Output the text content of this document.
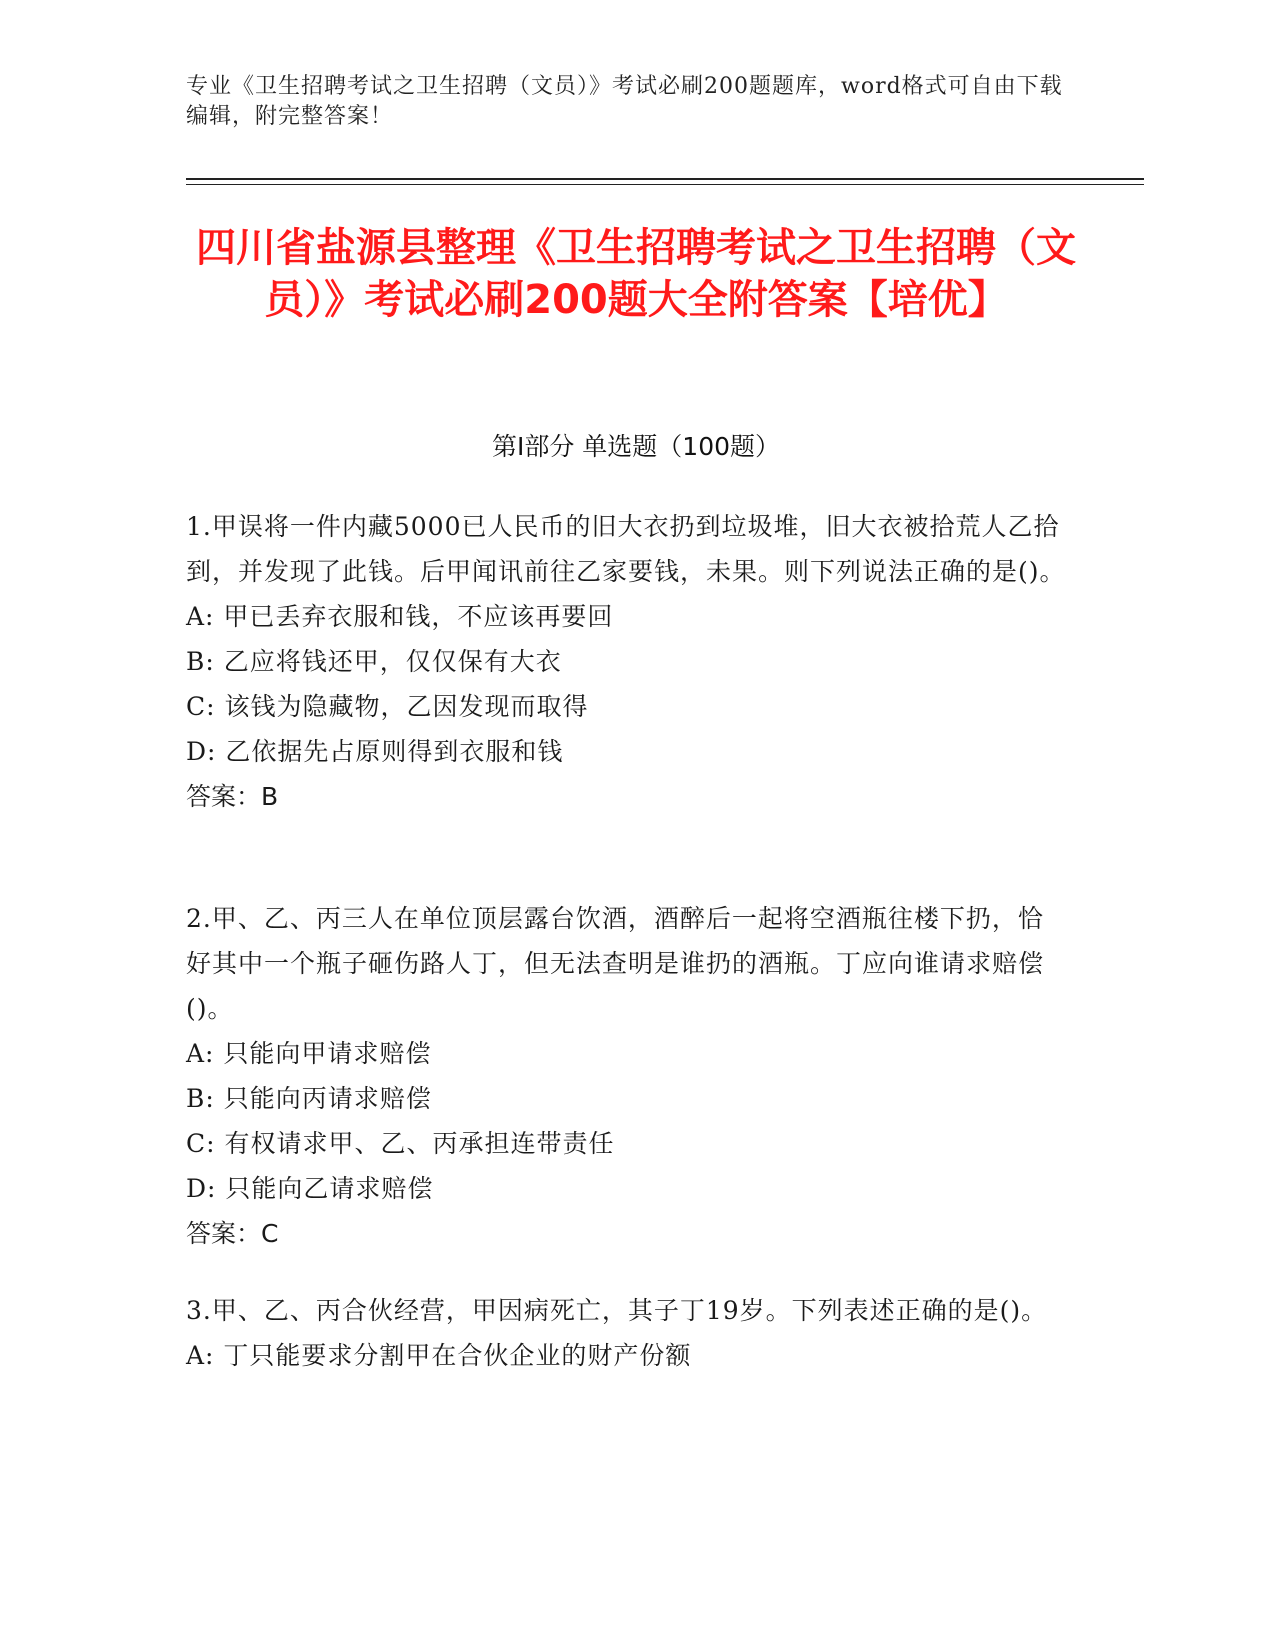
专业《卫生招聘考试之卫生招聘（文员）》考试必刷200题题库，word格式可自由下载编辑，附完整答案！
四川省盐源县整理《卫生招聘考试之卫生招聘（文员）》考试必刷200题大全附答案【培优】
第Ⅰ部分 单选题（100题）

1.甲误将一件内藏5000已人民币的旧大衣扔到垃圾堆，旧大衣被拾荒人乙拾到，并发现了此钱。后甲闻讯前往乙家要钱，未果。则下列说法正确的是()。

A: 甲已丢弃衣服和钱，不应该再要回

B: 乙应将钱还甲，仅仅保有大衣

C: 该钱为隐藏物，乙因发现而取得

D: 乙依据先占原则得到衣服和钱

答案：B

2.甲、乙、丙三人在单位顶层露台饮酒，酒醉后一起将空酒瓶往楼下扔，恰好其中一个瓶子砸伤路人丁，但无法查明是谁扔的酒瓶。丁应向谁请求赔偿()。

A: 只能向甲请求赔偿

B: 只能向丙请求赔偿

C: 有权请求甲、乙、丙承担连带责任

D: 只能向乙请求赔偿

答案：C

3.甲、乙、丙合伙经营，甲因病死亡，其子丁19岁。下列表述正确的是()。

A: 丁只能要求分割甲在合伙企业的财产份额
